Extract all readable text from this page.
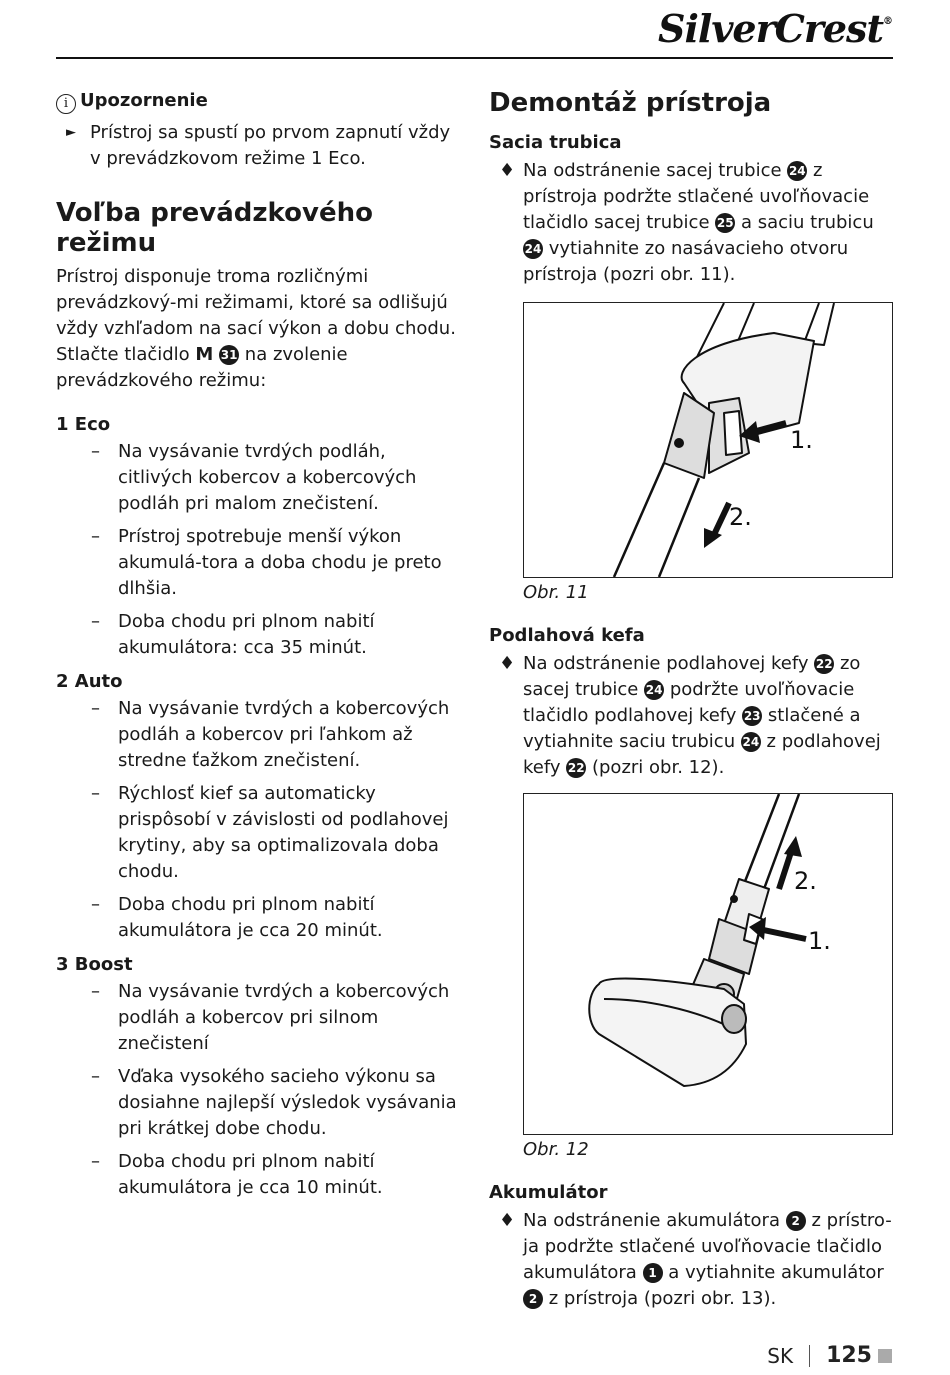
SilverCrest®
i Upozornenie
► Prístroj sa spustí po prvom zapnutí vždy v prevádzkovom režime 1 Eco.
Voľba prevádzkového režimu

Prístroj disponuje troma rozličnými prevádzkový-mi režimami, ktoré sa odlišujú vždy vzhľadom na sací výkon a dobu chodu. Stlačte tlačidlo M 31 na zvolenie prevádzkového režimu:

1 Eco
– Na vysávanie tvrdých podláh, citlivých kobercov a kobercových podláh pri malom znečistení.
– Prístroj spotrebuje menší výkon akumulá-tora a doba chodu je preto dlhšia.
– Doba chodu pri plnom nabití akumulátora: cca 35 minút.
2 Auto
– Na vysávanie tvrdých a kobercových podláh a kobercov pri ľahkom až stredne ťažkom znečistení.
– Rýchlosť kief sa automaticky prispôsobí v závislosti od podlahovej krytiny, aby sa optimalizovala doba chodu.
– Doba chodu pri plnom nabití akumulátora je cca 20 minút.
3 Boost
– Na vysávanie tvrdých a kobercových podláh a kobercov pri silnom znečistení
– Vďaka vysokého sacieho výkonu sa dosiahne najlepší výsledok vysávania pri krátkej dobe chodu.
– Doba chodu pri plnom nabití akumulátora je cca 10 minút.
Demontáž prístroja
Sacia trubica
♦ Na odstránenie sacej trubice 24 z prístroja podržte stlačené uvoľňovacie tlačidlo sacej trubice 25 a saciu trubicu 24 vytiahnite zo nasávacieho otvoru prístroja (pozri obr. 11).
1.
2.

Obr. 11

Podlahová kefa
♦ Na odstránenie podlahovej kefy 22 zo sacej trubice 24 podržte uvoľňovacie tlačidlo podlahovej kefy 23 stlačené a vytiahnite saciu trubicu 24 z podlahovej kefy 22 (pozri obr. 12).
1.
2.

Obr. 12

Akumulátor
♦ Na odstránenie akumulátora 2 z prístro-ja podržte stlačené uvoľňovacie tlačidlo akumulátora 1 a vytiahnite akumulátor 2 z prístroja (pozri obr. 13).
SK 125
